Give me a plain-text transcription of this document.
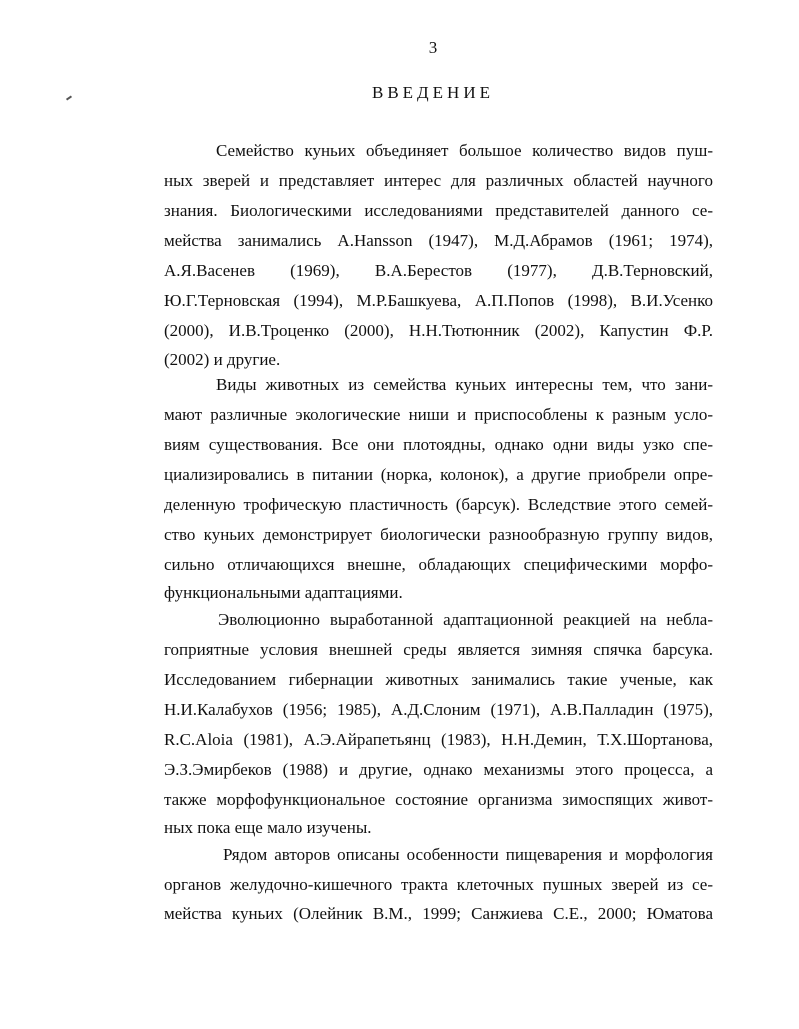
3
ВВЕДЕНИЕ
Семейство куньих объединяет большое количество видов пуш-
ных зверей и представляет интерес для различных областей научного
знания. Биологическими исследованиями представителей данного се-
мейства занимались A.Hansson (1947), М.Д.Абрамов (1961; 1974),
А.Я.Васенев (1969), В.А.Берестов (1977), Д.В.Терновский,
Ю.Г.Терновская (1994), М.Р.Башкуева, А.П.Попов (1998), В.И.Усенко
(2000), И.В.Троценко (2000), Н.Н.Тютюнник (2002), Капустин Ф.Р.
(2002) и другие.
Виды животных из семейства куньих интересны тем, что зани-
мают различные экологические ниши и приспособлены к разным усло-
виям существования. Все они плотоядны, однако одни виды узко спе-
циализировались в питании (норка, колонок), а другие приобрели опре-
деленную трофическую пластичность (барсук). Вследствие этого семей-
ство куньих демонстрирует биологически разнообразную группу видов,
сильно отличающихся внешне, обладающих специфическими морфо-
функциональными адаптациями.
Эволюционно выработанной адаптационной реакцией на небла-
гоприятные условия внешней среды является зимняя спячка барсука.
Исследованием гибернации животных занимались такие ученые, как
Н.И.Калабухов (1956; 1985), А.Д.Слоним (1971), А.В.Палладин (1975),
R.C.Aloia (1981), А.Э.Айрапетьянц (1983), Н.Н.Демин, Т.Х.Шортанова,
Э.З.Эмирбеков (1988) и другие, однако механизмы этого процесса, а
также морфофункциональное состояние организма зимоспящих живот-
ных пока еще мало изучены.
Рядом авторов описаны особенности пищеварения и морфология
органов желудочно-кишечного тракта клеточных пушных зверей из се-
мейства куньих (Олейник В.М., 1999; Санжиева С.Е., 2000; Юматова
